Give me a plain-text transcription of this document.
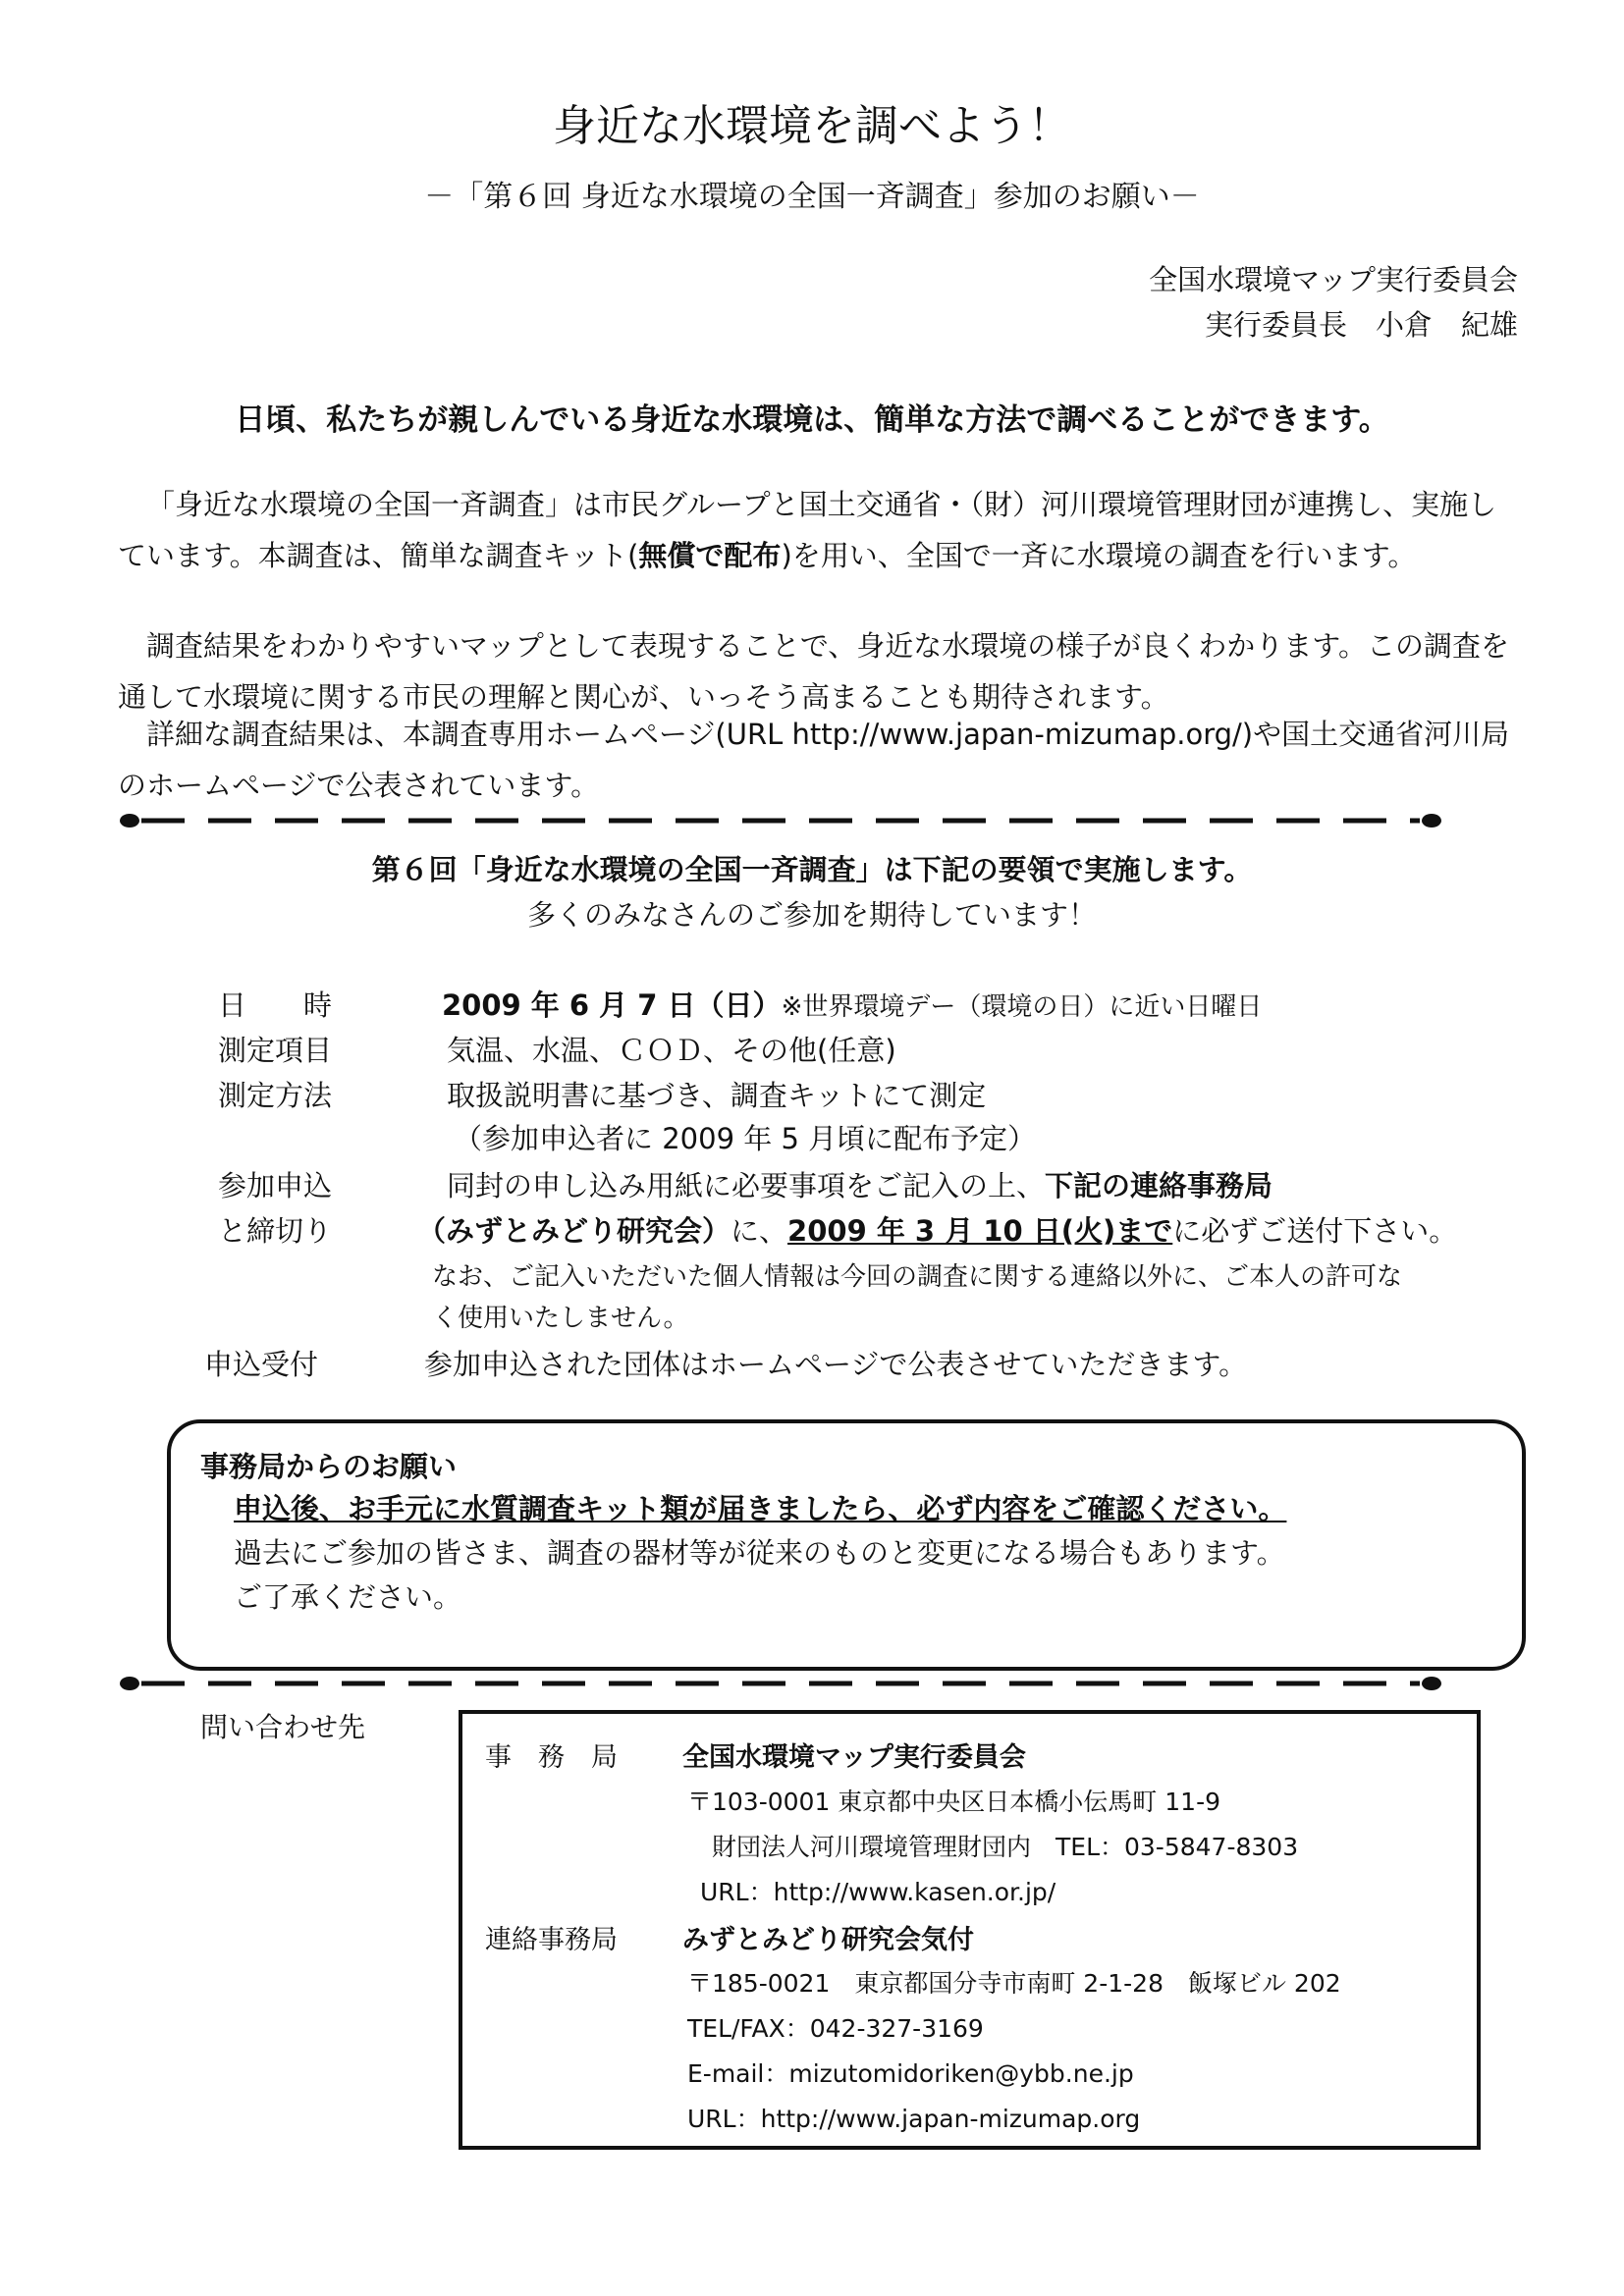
身近な水環境を調べよう！
－「第６回 身近な水環境の全国一斉調査」参加のお願い－
全国水環境マップ実行委員会
実行委員長　小倉　紀雄
日頃、私たちが親しんでいる身近な水環境は、簡単な方法で調べることができます。
「身近な水環境の全国一斉調査」は市民グループと国土交通省・（財）河川環境管理財団が連携し、実施しています。本調査は、簡単な調査キット(無償で配布)を用い、全国で一斉に水環境の調査を行います。
調査結果をわかりやすいマップとして表現することで、身近な水環境の様子が良くわかります。この調査を通して水環境に関する市民の理解と関心が、いっそう高まることも期待されます。
詳細な調査結果は、本調査専用ホームページ(URL http://www.japan-mizumap.org/)や国土交通省河川局のホームページで公表されています。
第６回「身近な水環境の全国一斉調査」は下記の要領で実施します。
多くのみなさんのご参加を期待しています！
日　　時	2009 年 6 月 7 日（日）※世界環境デー（環境の日）に近い日曜日
測定項目	気温、水温、ＣＯＤ、その他(任意)
測定方法	取扱説明書に基づき、調査キットにて測定
（参加申込者に 2009 年 5 月頃に配布予定）
参加申込	同封の申し込み用紙に必要事項をご記入の上、下記の連絡事務局
と締切り	（みずとみどり研究会）に、2009 年 3 月 10 日(火)までに必ずご送付下さい。
なお、ご記入いただいた個人情報は今回の調査に関する連絡以外に、ご本人の許可な
く使用いたしません。
申込受付	参加申込された団体はホームページで公表させていただきます。
事務局からのお願い
申込後、お手元に水質調査キット類が届きましたら、必ず内容をご確認ください。
過去にご参加の皆さま、調査の器材等が従来のものと変更になる場合もあります。
ご了承ください。
問い合わせ先
事　務　局 全国水環境マップ実行委員会
〒103-0001 東京都中央区日本橋小伝馬町 11-9
財団法人河川環境管理財団内　TEL：03-5847-8303
URL：http://www.kasen.or.jp/
連絡事務局 みずとみどり研究会気付
〒185-0021　東京都国分寺市南町 2-1-28　飯塚ビル 202
TEL/FAX：042-327-3169
E-mail：mizutomidoriken@ybb.ne.jp
URL：http://www.japan-mizumap.org
